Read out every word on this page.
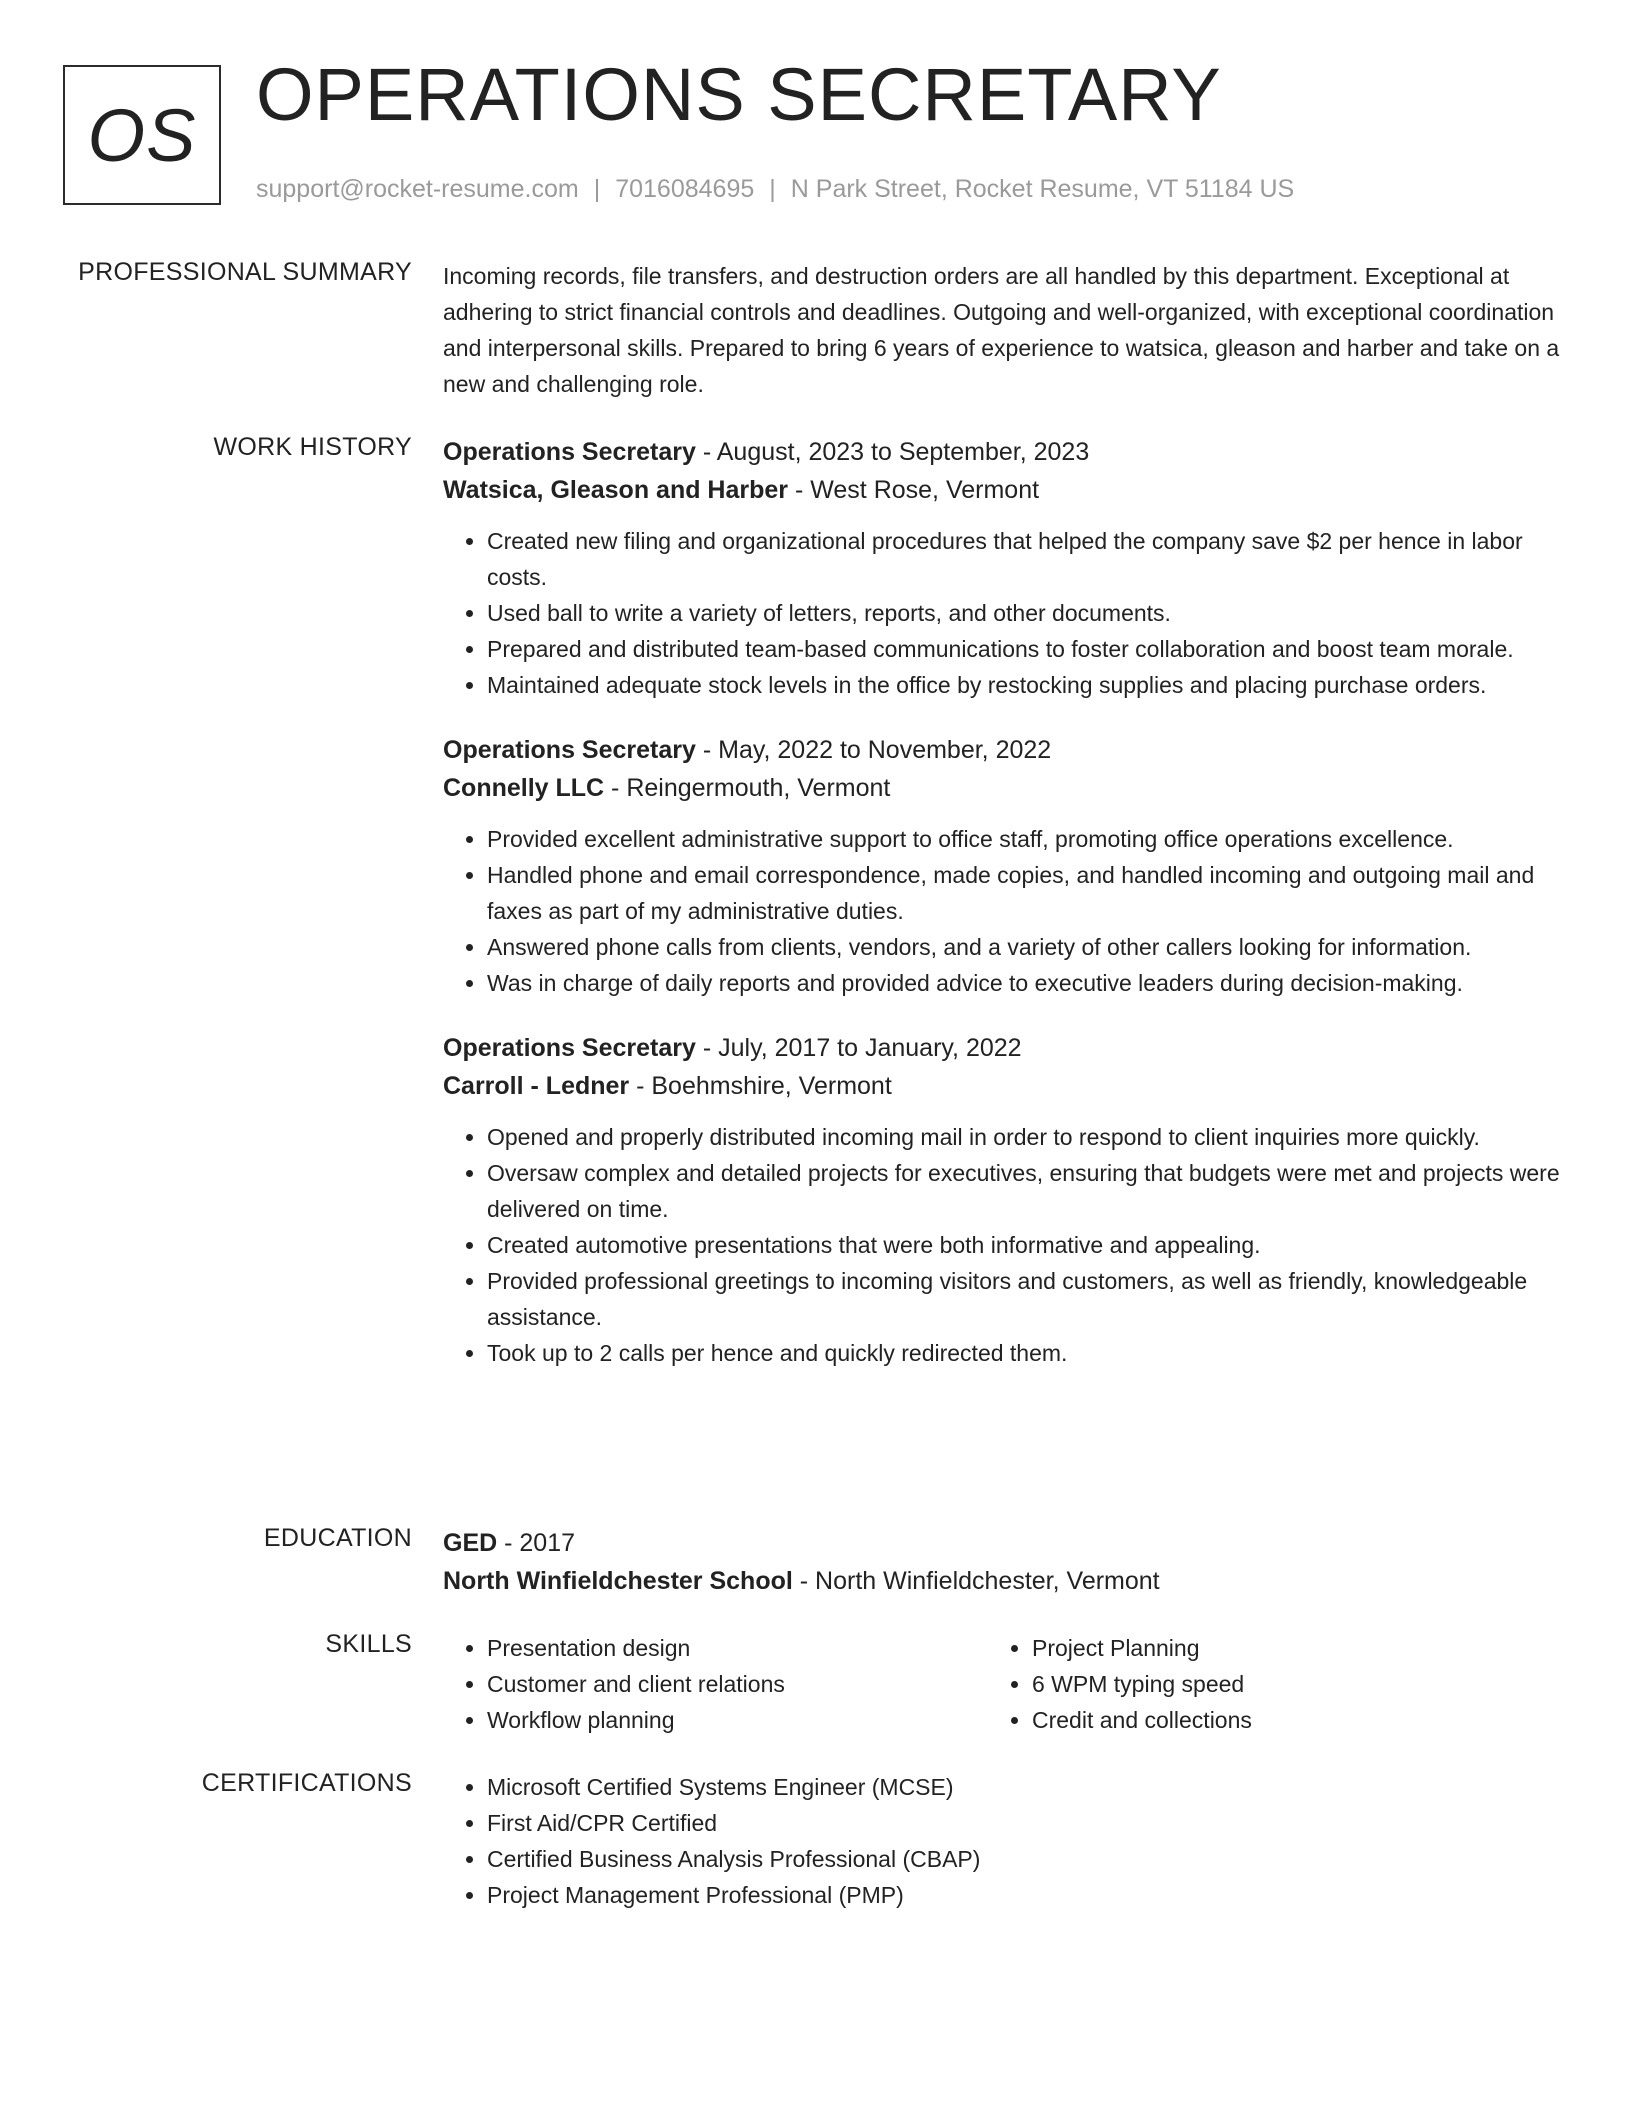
OS OPERATIONS SECRETARY
support@rocket-resume.com | 7016084695 | N Park Street, Rocket Resume, VT 51184 US
PROFESSIONAL SUMMARY Incoming records, file transfers, and destruction orders are all handled by this department. Exceptional at adhering to strict financial controls and deadlines. Outgoing and well-organized, with exceptional coordination and interpersonal skills. Prepared to bring 6 years of experience to watsica, gleason and harber and take on a new and challenging role.

WORK HISTORY Operations Secretary - August, 2023 to September, 2023
Watsica, Gleason and Harber - West Rose, Vermont
• Created new filing and organizational procedures that helped the company save $2 per hence in labor costs.
• Used ball to write a variety of letters, reports, and other documents.
• Prepared and distributed team-based communications to foster collaboration and boost team morale.
• Maintained adequate stock levels in the office by restocking supplies and placing purchase orders.
Operations Secretary - May, 2022 to November, 2022
Connelly LLC - Reingermouth, Vermont
• Provided excellent administrative support to office staff, promoting office operations excellence.
• Handled phone and email correspondence, made copies, and handled incoming and outgoing mail and faxes as part of my administrative duties.
• Answered phone calls from clients, vendors, and a variety of other callers looking for information.
• Was in charge of daily reports and provided advice to executive leaders during decision-making.
Operations Secretary - July, 2017 to January, 2022
Carroll - Ledner - Boehmshire, Vermont
• Opened and properly distributed incoming mail in order to respond to client inquiries more quickly.
• Oversaw complex and detailed projects for executives, ensuring that budgets were met and projects were delivered on time.
• Created automotive presentations that were both informative and appealing.
• Provided professional greetings to incoming visitors and customers, as well as friendly, knowledgeable assistance.
• Took up to 2 calls per hence and quickly redirected them.
EDUCATION GED - 2017
North Winfieldchester School - North Winfieldchester, Vermont
SKILLS	• Presentation design
• Customer and client relations
• Workflow planning
• Project Planning
• 6 WPM typing speed
• Credit and collections
CERTIFICATIONS	• Microsoft Certified Systems Engineer (MCSE)
• First Aid/CPR Certified
• Certified Business Analysis Professional (CBAP)
• Project Management Professional (PMP)
